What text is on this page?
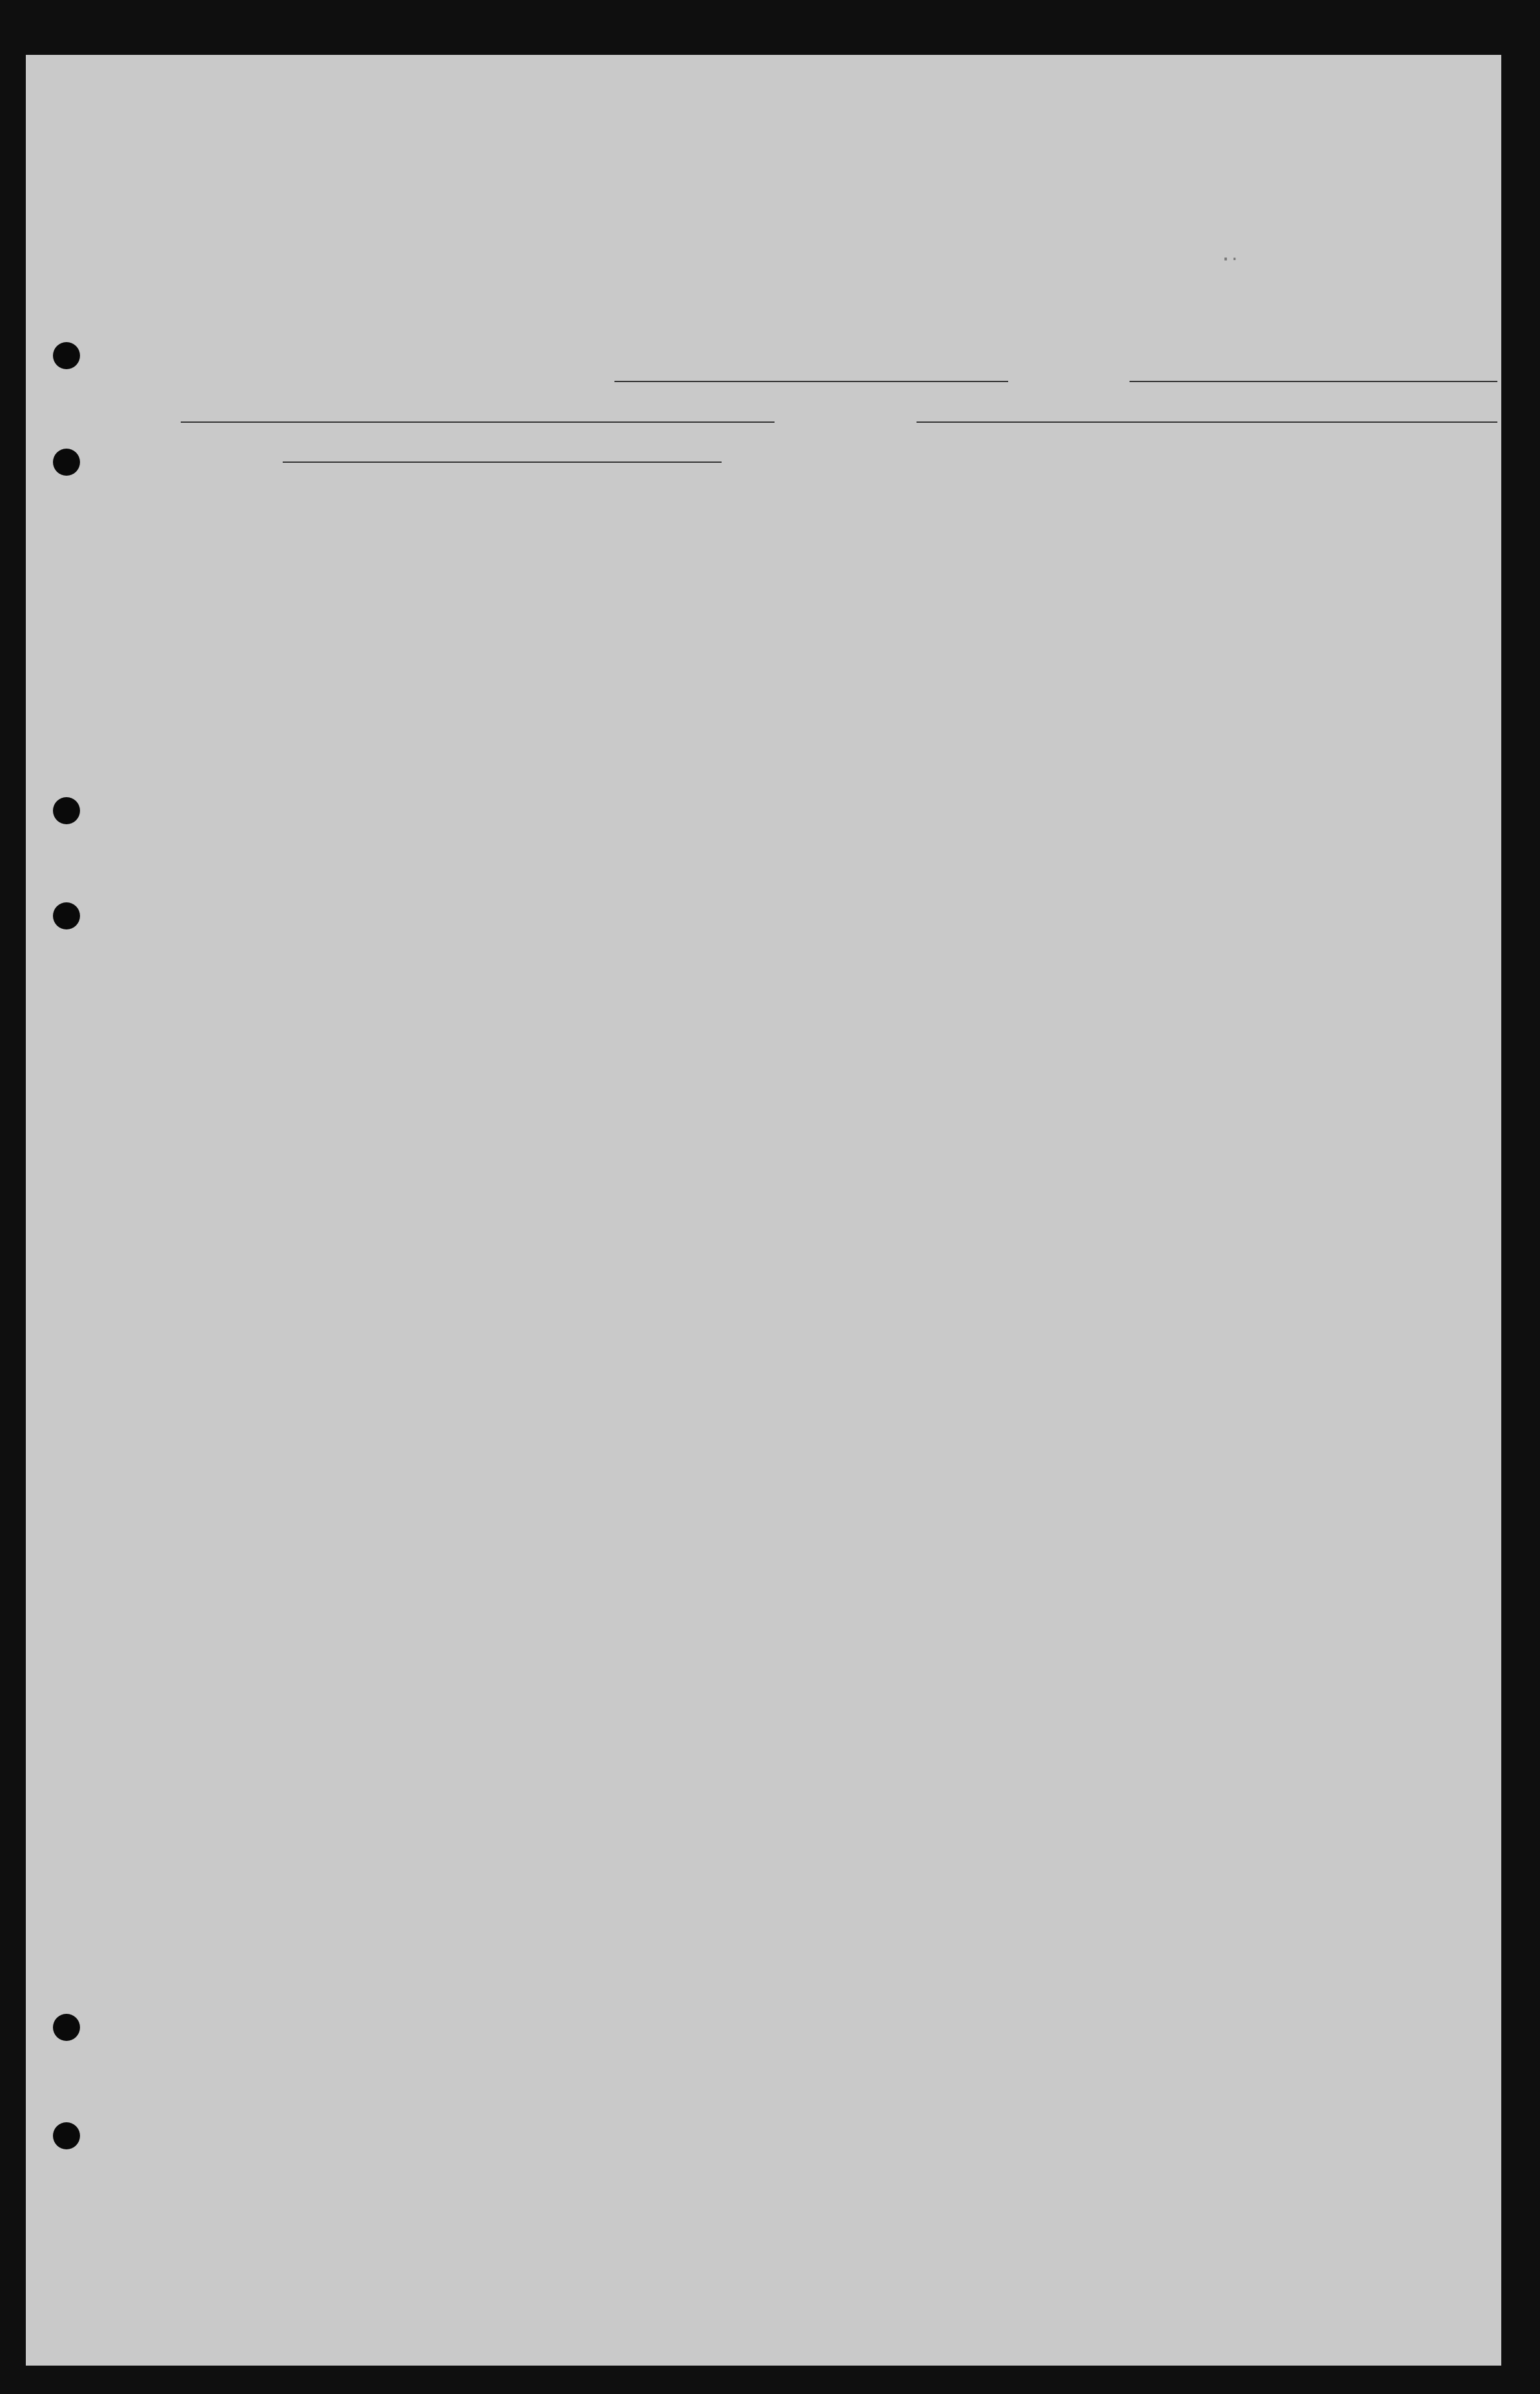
·‧
